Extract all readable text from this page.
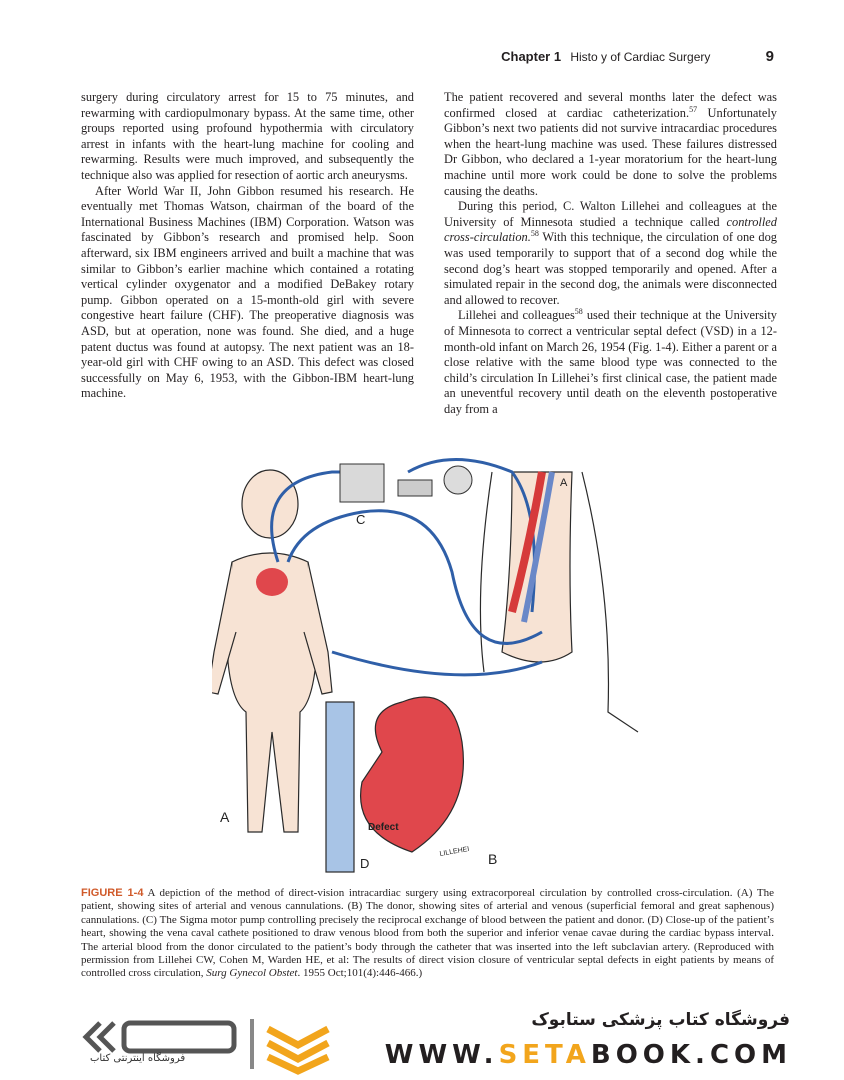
Chapter 1 Histo y of Cardiac Surgery	9

surgery during circulatory arrest for 15 to 75 minutes, and rewarming with cardiopulmonary bypass. At the same time, other groups reported using profound hypothermia with circulatory arrest in infants with the heart-lung machine for cooling and rewarming. Results were much improved, and subsequently the technique also was applied for resection of aortic arch aneurysms.

After World War II, John Gibbon resumed his research. He eventually met Thomas Watson, chairman of the board of the International Business Machines (IBM) Corporation. Watson was fascinated by Gibbon’s research and promised help. Soon afterward, six IBM engineers arrived and built a machine that was similar to Gibbon’s earlier machine which contained a rotating vertical cylinder oxygenator and a modified DeBakey rotary pump. Gibbon operated on a 15-month-old girl with severe congestive heart failure (CHF). The preoperative diagnosis was ASD, but at operation, none was found. She died, and a huge patent ductus was found at autopsy. The next patient was an 18-year-old girl with CHF owing to an ASD. This defect was closed successfully on May 6, 1953, with the Gibbon-IBM heart-lung machine.

The patient recovered and several months later the defect was confirmed closed at cardiac catheterization.$^{57}$ Unfortunately Gibbon’s next two patients did not survive intracardiac procedures when the heart-lung machine was used. These failures distressed Dr Gibbon, who declared a 1-year moratorium for the heart-lung machine until more work could be done to solve the problems causing the deaths.

During this period, C. Walton Lillehei and colleagues at the University of Minnesota studied a technique called controlled cross-circulation.$^{58}$ With this technique, the circulation of one dog was used temporarily to support that of a second dog while the second dog’s heart was stopped temporarily and opened. After a simulated repair in the second dog, the animals were disconnected and allowed to recover.

Lillehei and colleagues$^{58}$ used their technique at the University of Minnesota to correct a ventricular septal defect (VSD) in a 12-month-old infant on March 26, 1954 (Fig. 1-4). Either a parent or a close relative with the same blood type was connected to the child’s circulation In Lillehei’s first clinical case, the patient made an uneventful recovery until death on the eleventh postoperative day from a

A
B
C
D
A
Defect
LILLEHEI
FIGURE 1-4 A depiction of the method of direct-vision intracardiac surgery using extracorporeal circulation by controlled cross-circulation. (A) The patient, showing sites of arterial and venous cannulations. (B) The donor, showing sites of arterial and venous (superficial femoral and great saphenous) cannulations. (C) The Sigma motor pump controlling precisely the reciprocal exchange of blood between the patient and donor. (D) Close-up of the patient’s heart, showing the vena caval cathete positioned to draw venous blood from both the superior and inferior venae cavae during the cardiac bypass interval. The arterial blood from the donor circulated to the patient’s body through the catheter that was inserted into the left subclavian artery. (Reproduced with permission from Lillehei CW, Cohen M, Warden HE, et al: The results of direct vision closure of ventricular septal defects in eight patients by means of controlled cross circulation, Surg Gynecol Obstet. 1955 Oct;101(4):446-466.)
فروشگاه اینترنتی کتاب
فروشگاه کتاب پزشکی ستابوک
WWW.SETABOOK.COM
